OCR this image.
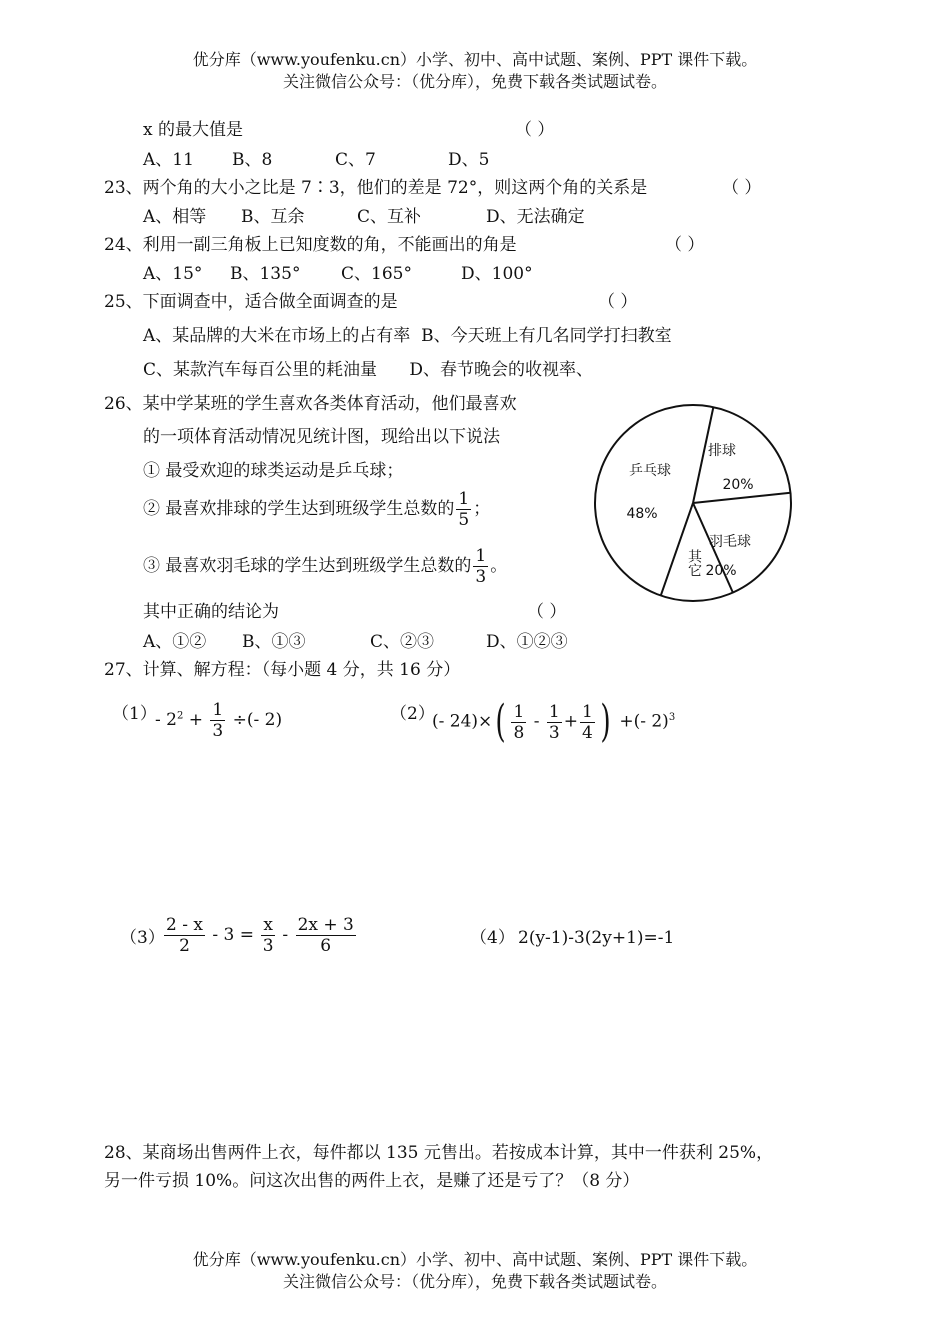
优分库（www.youfenku.cn）小学、初中、高中试题、案例、PPT 课件下载。
关注微信公众号：（优分库），免费下载各类试题试卷。
x 的最大值是	（ ）
A、11 B、8	C、7	D、5
23、两个角的大小之比是 7∶3，他们的差是 72°，则这两个角的关系是	（ ）
A、相等 B、互余	C、互补	D、无法确定
24、利用一副三角板上已知度数的角，不能画出的角是	（ ）
A、15° B、135° C、165°	D、100°
25、下面调查中，适合做全面调查的是	（ ）
A、某品牌的大米在市场上的占有率  B、今天班上有几名同学打扫教室
C、某款汽车每百公里的耗油量      D、春节晚会的收视率、
26、某中学某班的学生喜欢各类体育活动，他们最喜欢
的一项体育活动情况见统计图，现给出以下说法
① 最受欢迎的球类运动是乒乓球；
② 最喜欢排球的学生达到班级学生总数的 $\frac{1}{5}$ ；
③ 最喜欢羽毛球的学生达到班级学生总数的 $\frac{1}{3}$ 。
其中正确的结论为	（ ）
A、①② B、①③	C、②③	D、①②③
乒乓球
48%
排球
20%
羽毛球
20%
其它
27、计算、解方程：（每小题 4 分，共 16 分）
（1）
- $2^2 + \frac{1}{3}$ ÷(- 2)	（2）
(- $24)\times( \frac{1}{8} - \frac{1}{3} + \frac{1}{4}$ ) +(- 2)$^3$
$(3) \frac{2 - x}{2} - 3 = \frac{x}{3} - \frac{2x + 3}{6}$	（4） 2(y-1)-3(2y+1)=-1
28、某商场出售两件上衣，每件都以 135 元售出。若按成本计算，其中一件获利 25%，
另一件亏损 10%。问这次出售的两件上衣，是赚了还是亏了？（8 分）
优分库（www.youfenku.cn）小学、初中、高中试题、案例、PPT 课件下载。
关注微信公众号：（优分库），免费下载各类试题试卷。
